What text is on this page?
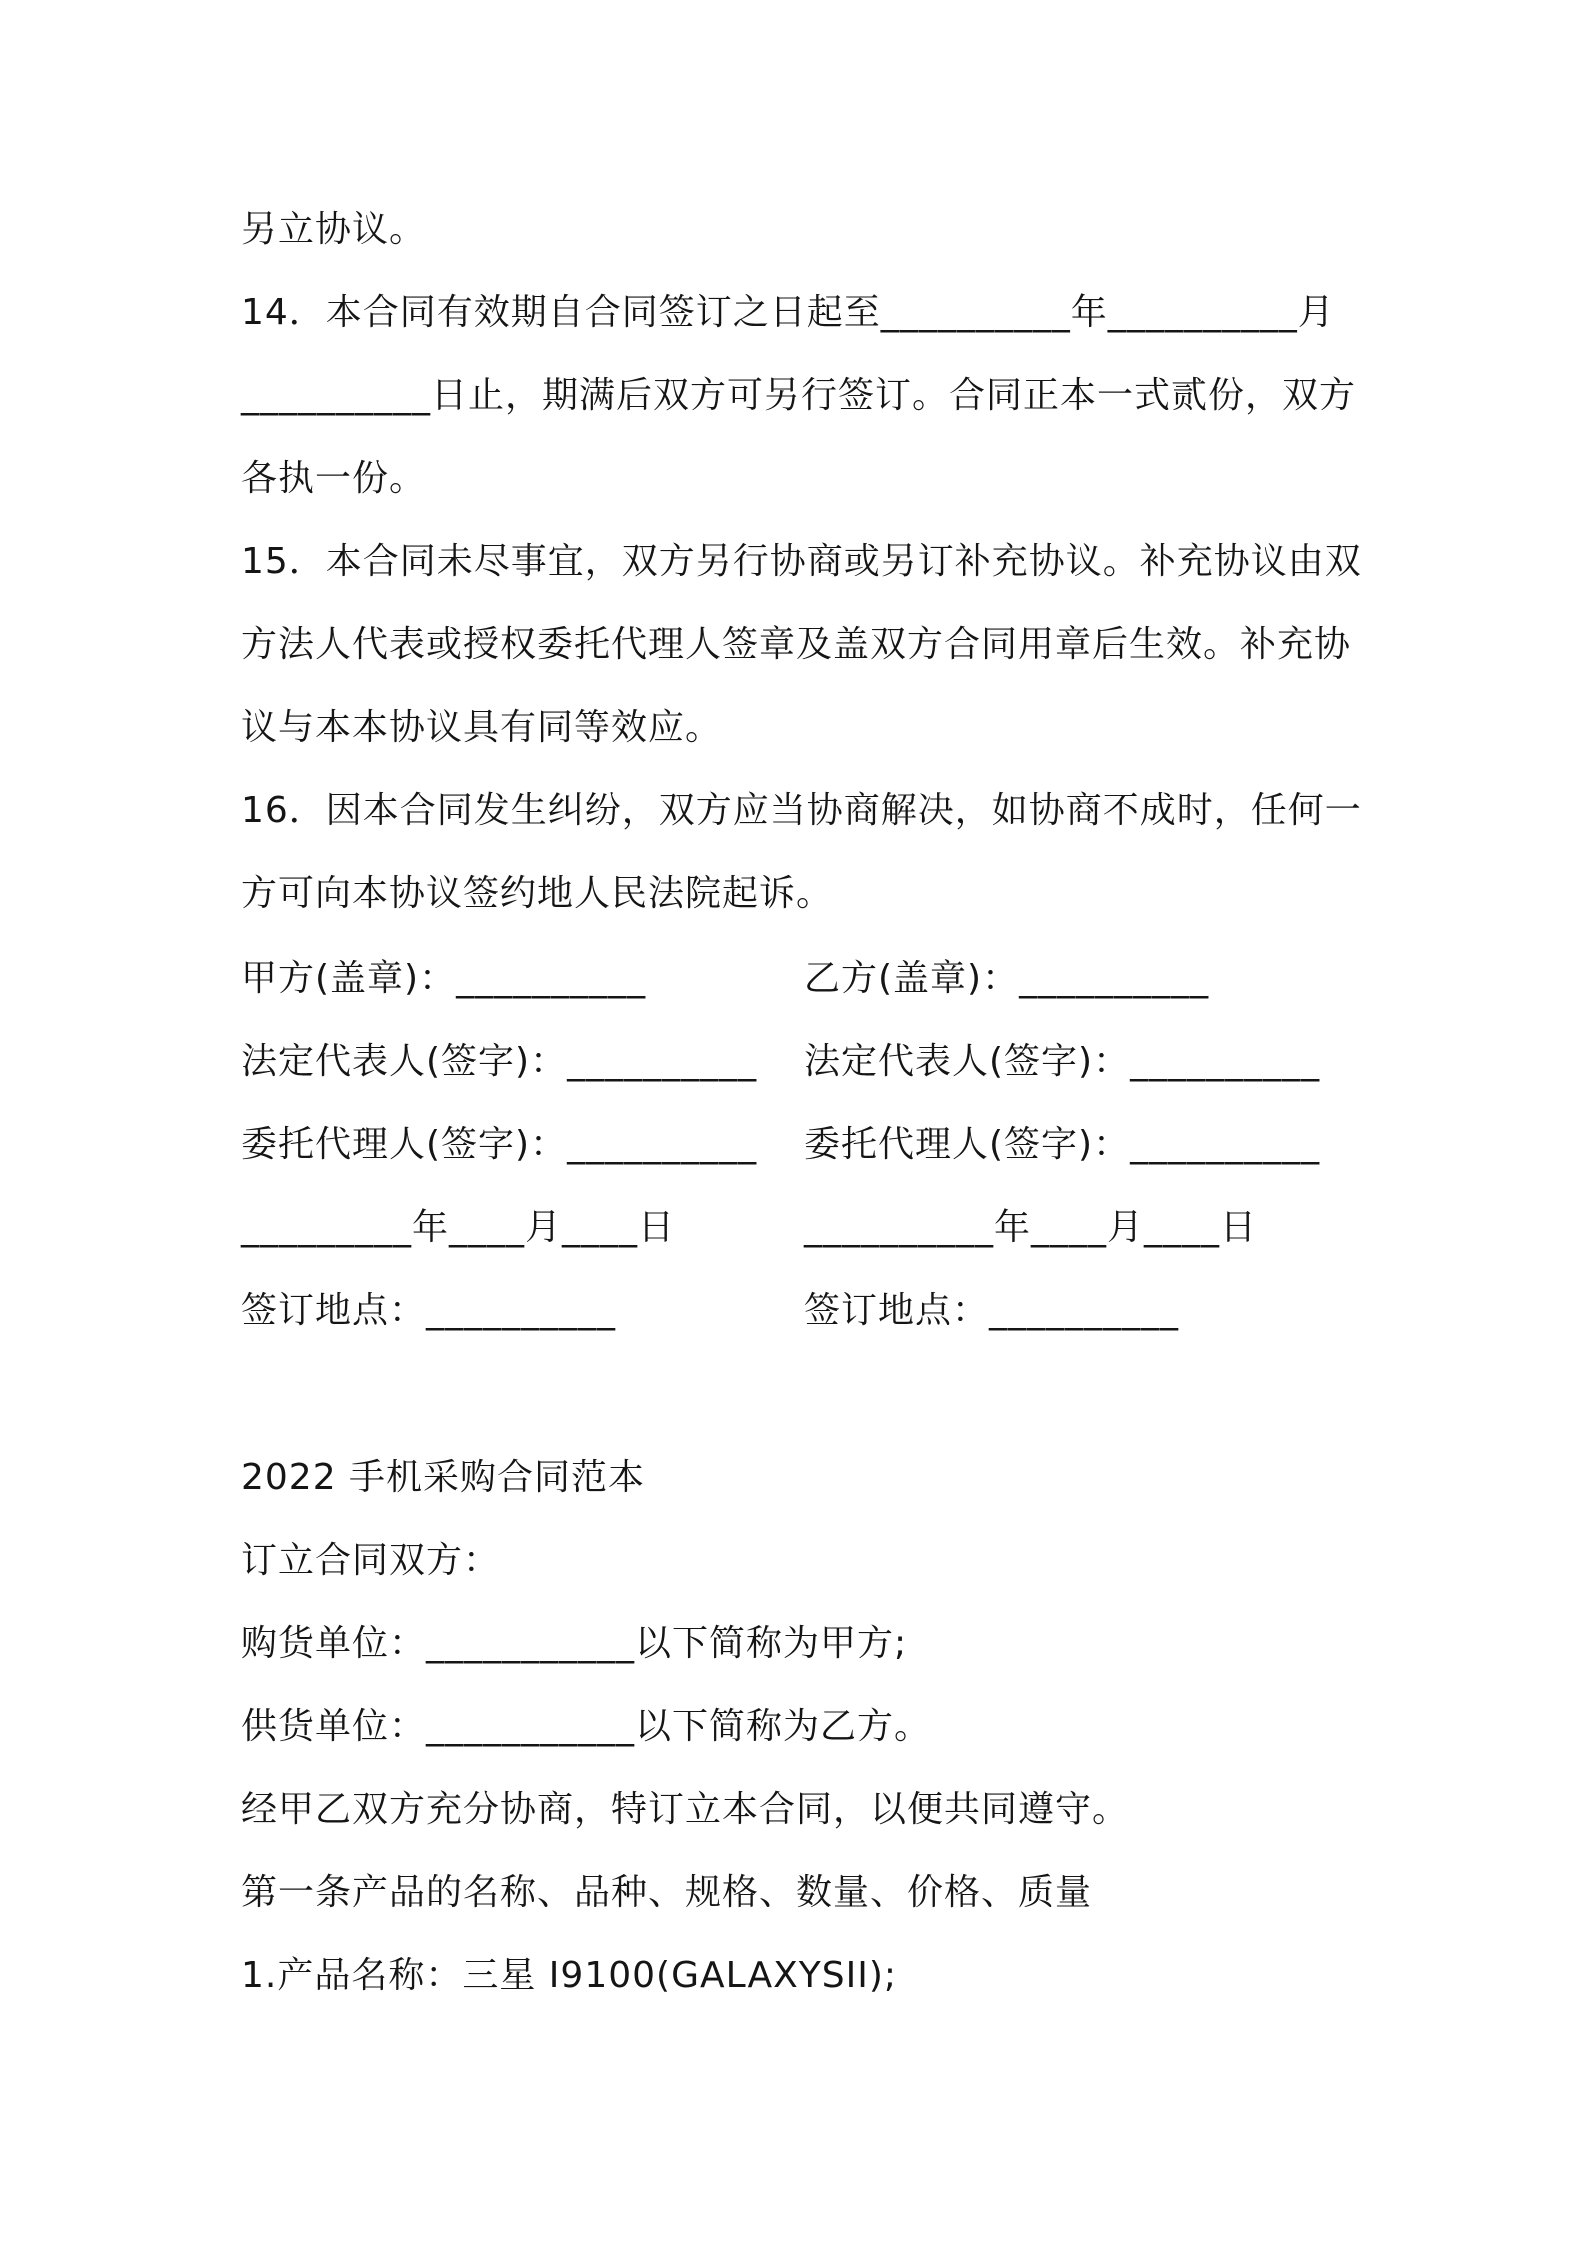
另立协议。
14．本合同有效期自合同签订之日起至__________年__________月
__________日止，期满后双方可另行签订。合同正本一式贰份，双方
各执一份。
15．本合同未尽事宜，双方另行协商或另订补充协议。补充协议由双
方法人代表或授权委托代理人签章及盖双方合同用章后生效。补充协
议与本本协议具有同等效应。
16．因本合同发生纠纷，双方应当协商解决，如协商不成时，任何一
方可向本协议签约地人民法院起诉。
甲方(盖章)：__________	乙方(盖章)：__________
法定代表人(签字)：__________ 法定代表人(签字)：__________
委托代理人(签字)：__________ 委托代理人(签字)：__________
_________年____月____日	__________年____月____日
签订地点：__________	签订地点：__________
2022 手机采购合同范本
订立合同双方：
购货单位：___________以下简称为甲方;
供货单位：___________以下简称为乙方。
经甲乙双方充分协商，特订立本合同，以便共同遵守。
第一条产品的名称、品种、规格、数量、价格、质量
1.产品名称：三星 I9100(GALAXYSII);
